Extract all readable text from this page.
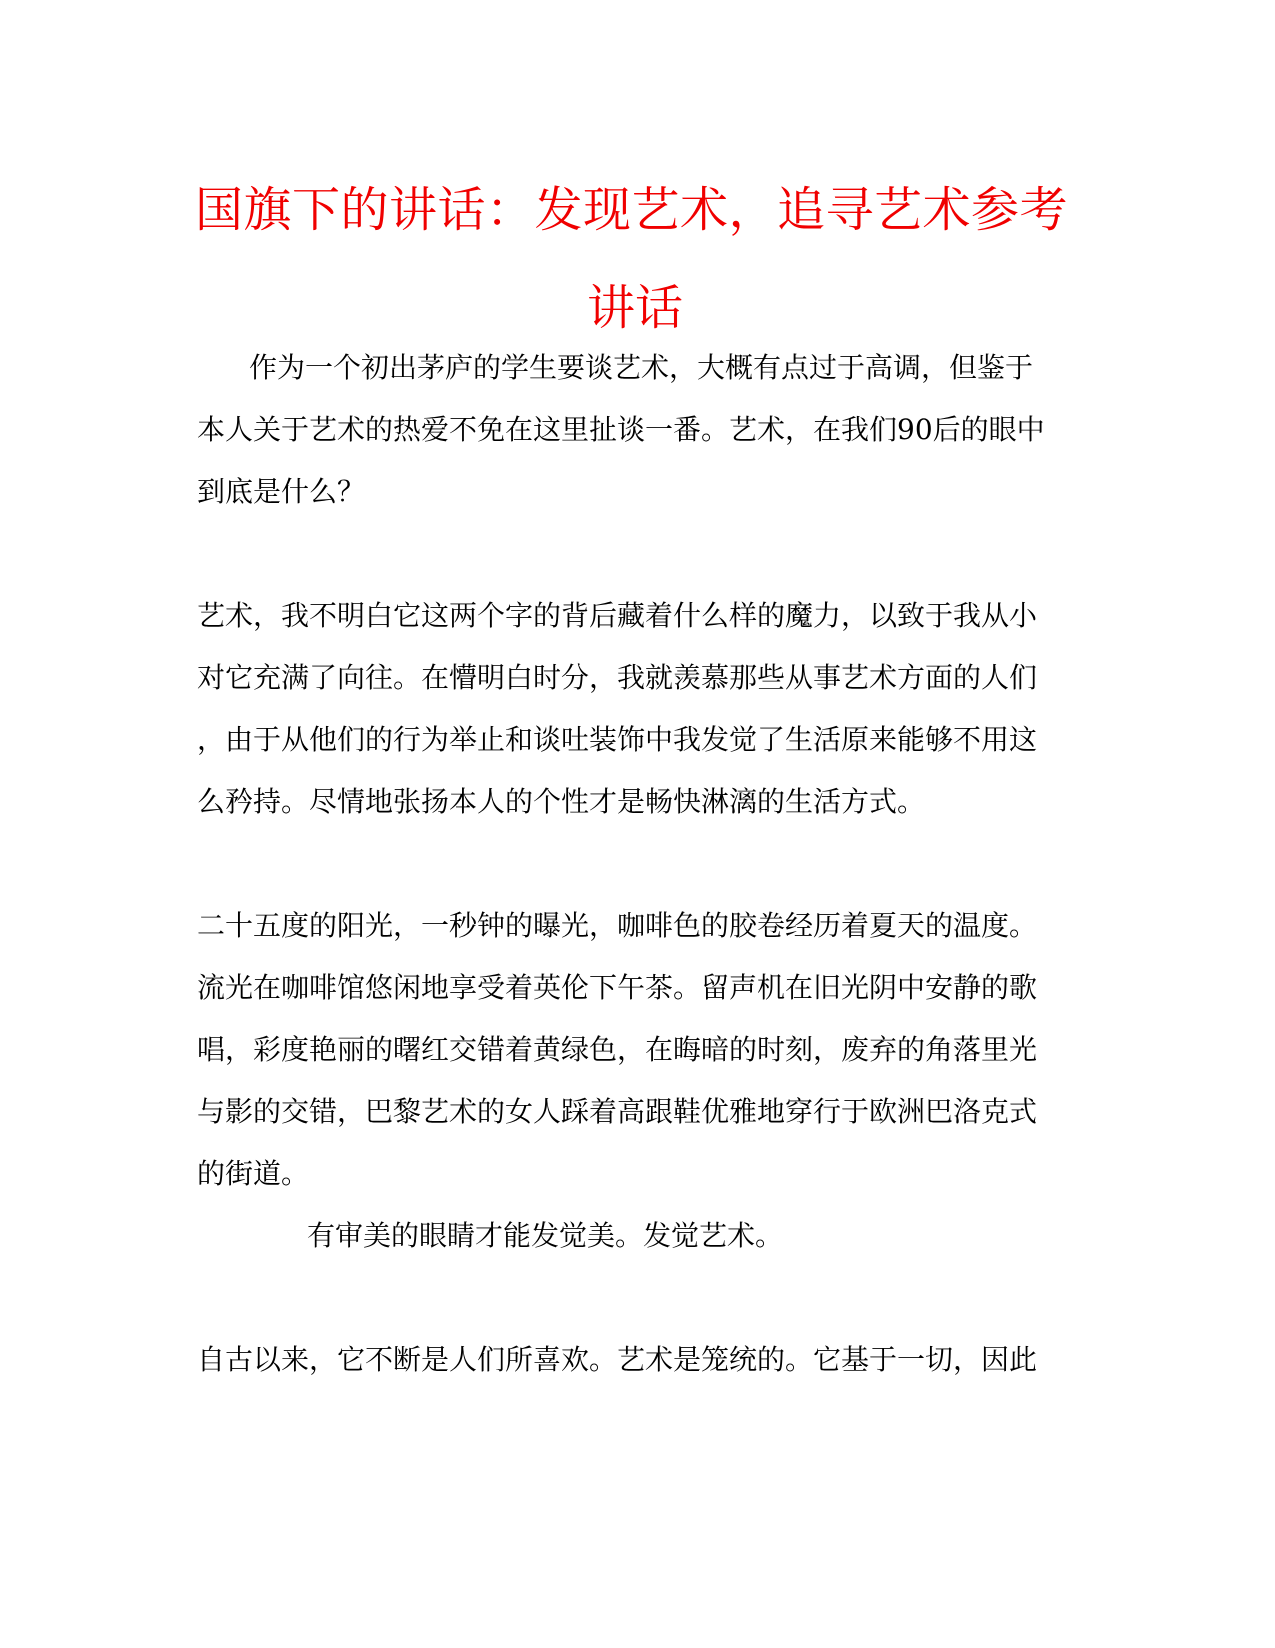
国旗下的讲话：发现艺术，追寻艺术参考
讲话
作为一个初出茅庐的学生要谈艺术，大概有点过于高调，但鉴于
本人关于艺术的热爱不免在这里扯谈一番。艺术，在我们90后的眼中
到底是什么？
艺术，我不明白它这两个字的背后藏着什么样的魔力，以致于我从小
对它充满了向往。在懵明白时分，我就羡慕那些从事艺术方面的人们
，由于从他们的行为举止和谈吐装饰中我发觉了生活原来能够不用这
么矜持。尽情地张扬本人的个性才是畅快淋漓的生活方式。
二十五度的阳光，一秒钟的曝光，咖啡色的胶卷经历着夏天的温度。
流光在咖啡馆悠闲地享受着英伦下午茶。留声机在旧光阴中安静的歌
唱，彩度艳丽的曙红交错着黄绿色，在晦暗的时刻，废弃的角落里光
与影的交错，巴黎艺术的女人踩着高跟鞋优雅地穿行于欧洲巴洛克式
的街道。
有审美的眼睛才能发觉美。发觉艺术。
自古以来，它不断是人们所喜欢。艺术是笼统的。它基于一切，因此
